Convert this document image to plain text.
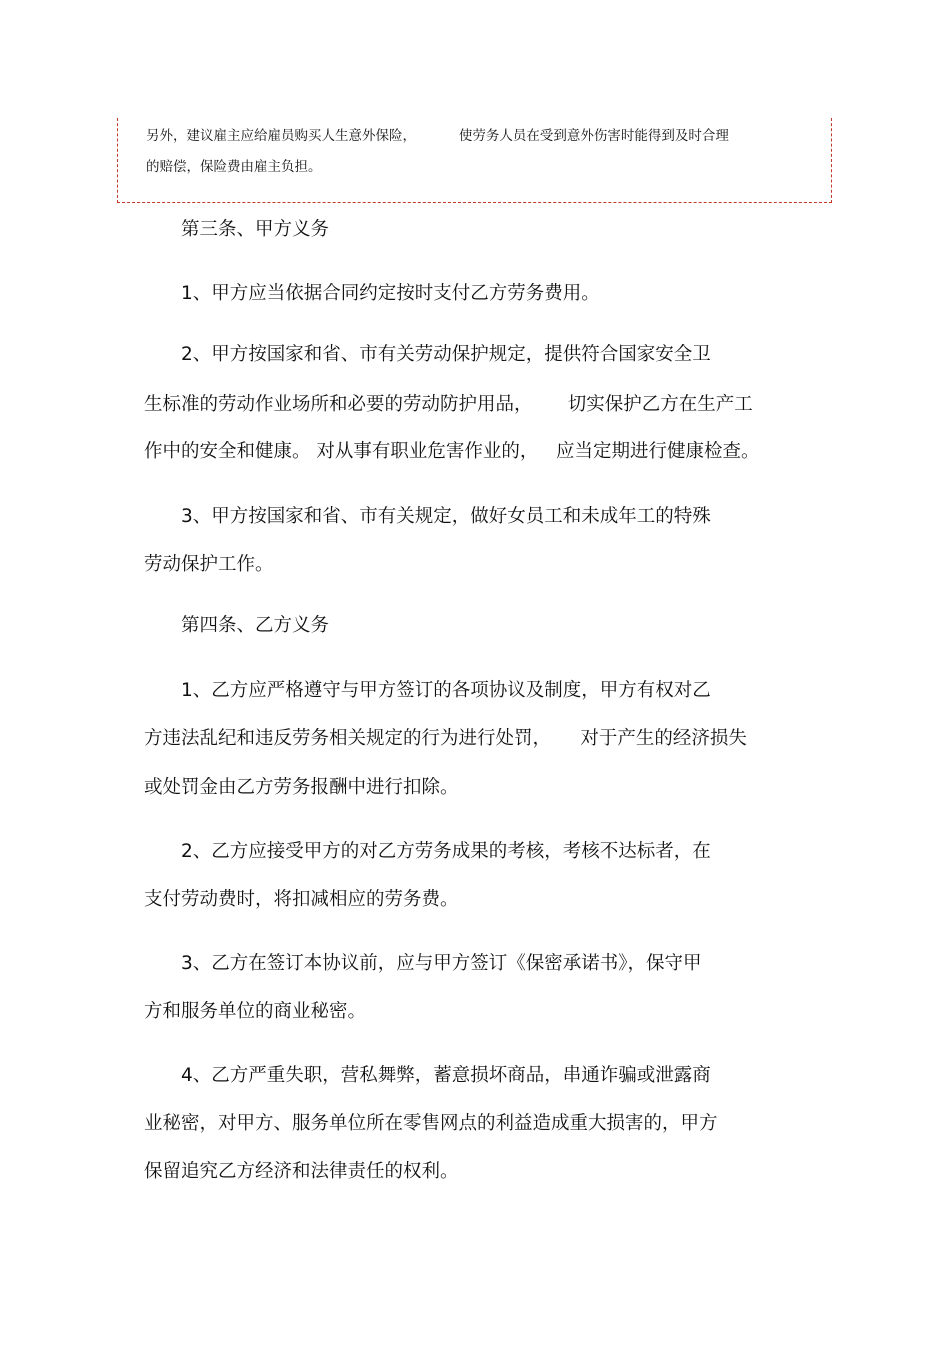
另外，建议雇主应给雇员购买人生意外保险，          使劳务人员在受到意外伤害时能得到及时合理
的赔偿，保险费由雇主负担。
第三条、甲方义务
1、甲方应当依据合同约定按时支付乙方劳务费用。
2、甲方按国家和省、市有关劳动保护规定，提供符合国家安全卫
生标准的劳动作业场所和必要的劳动防护用品，      切实保护乙方在生产工
作中的安全和健康。 对从事有职业危害作业的，   应当定期进行健康检查。
3、甲方按国家和省、市有关规定，做好女员工和未成年工的特殊
劳动保护工作。
第四条、乙方义务
1、乙方应严格遵守与甲方签订的各项协议及制度，甲方有权对乙
方违法乱纪和违反劳务相关规定的行为进行处罚，     对于产生的经济损失
或处罚金由乙方劳务报酬中进行扣除。
2、乙方应接受甲方的对乙方劳务成果的考核，考核不达标者，在
支付劳动费时，将扣减相应的劳务费。
3、乙方在签订本协议前，应与甲方签订《保密承诺书》，保守甲
方和服务单位的商业秘密。
4、乙方严重失职，营私舞弊，蓄意损坏商品，串通诈骗或泄露商
业秘密，对甲方、服务单位所在零售网点的利益造成重大损害的，甲方
保留追究乙方经济和法律责任的权利。
